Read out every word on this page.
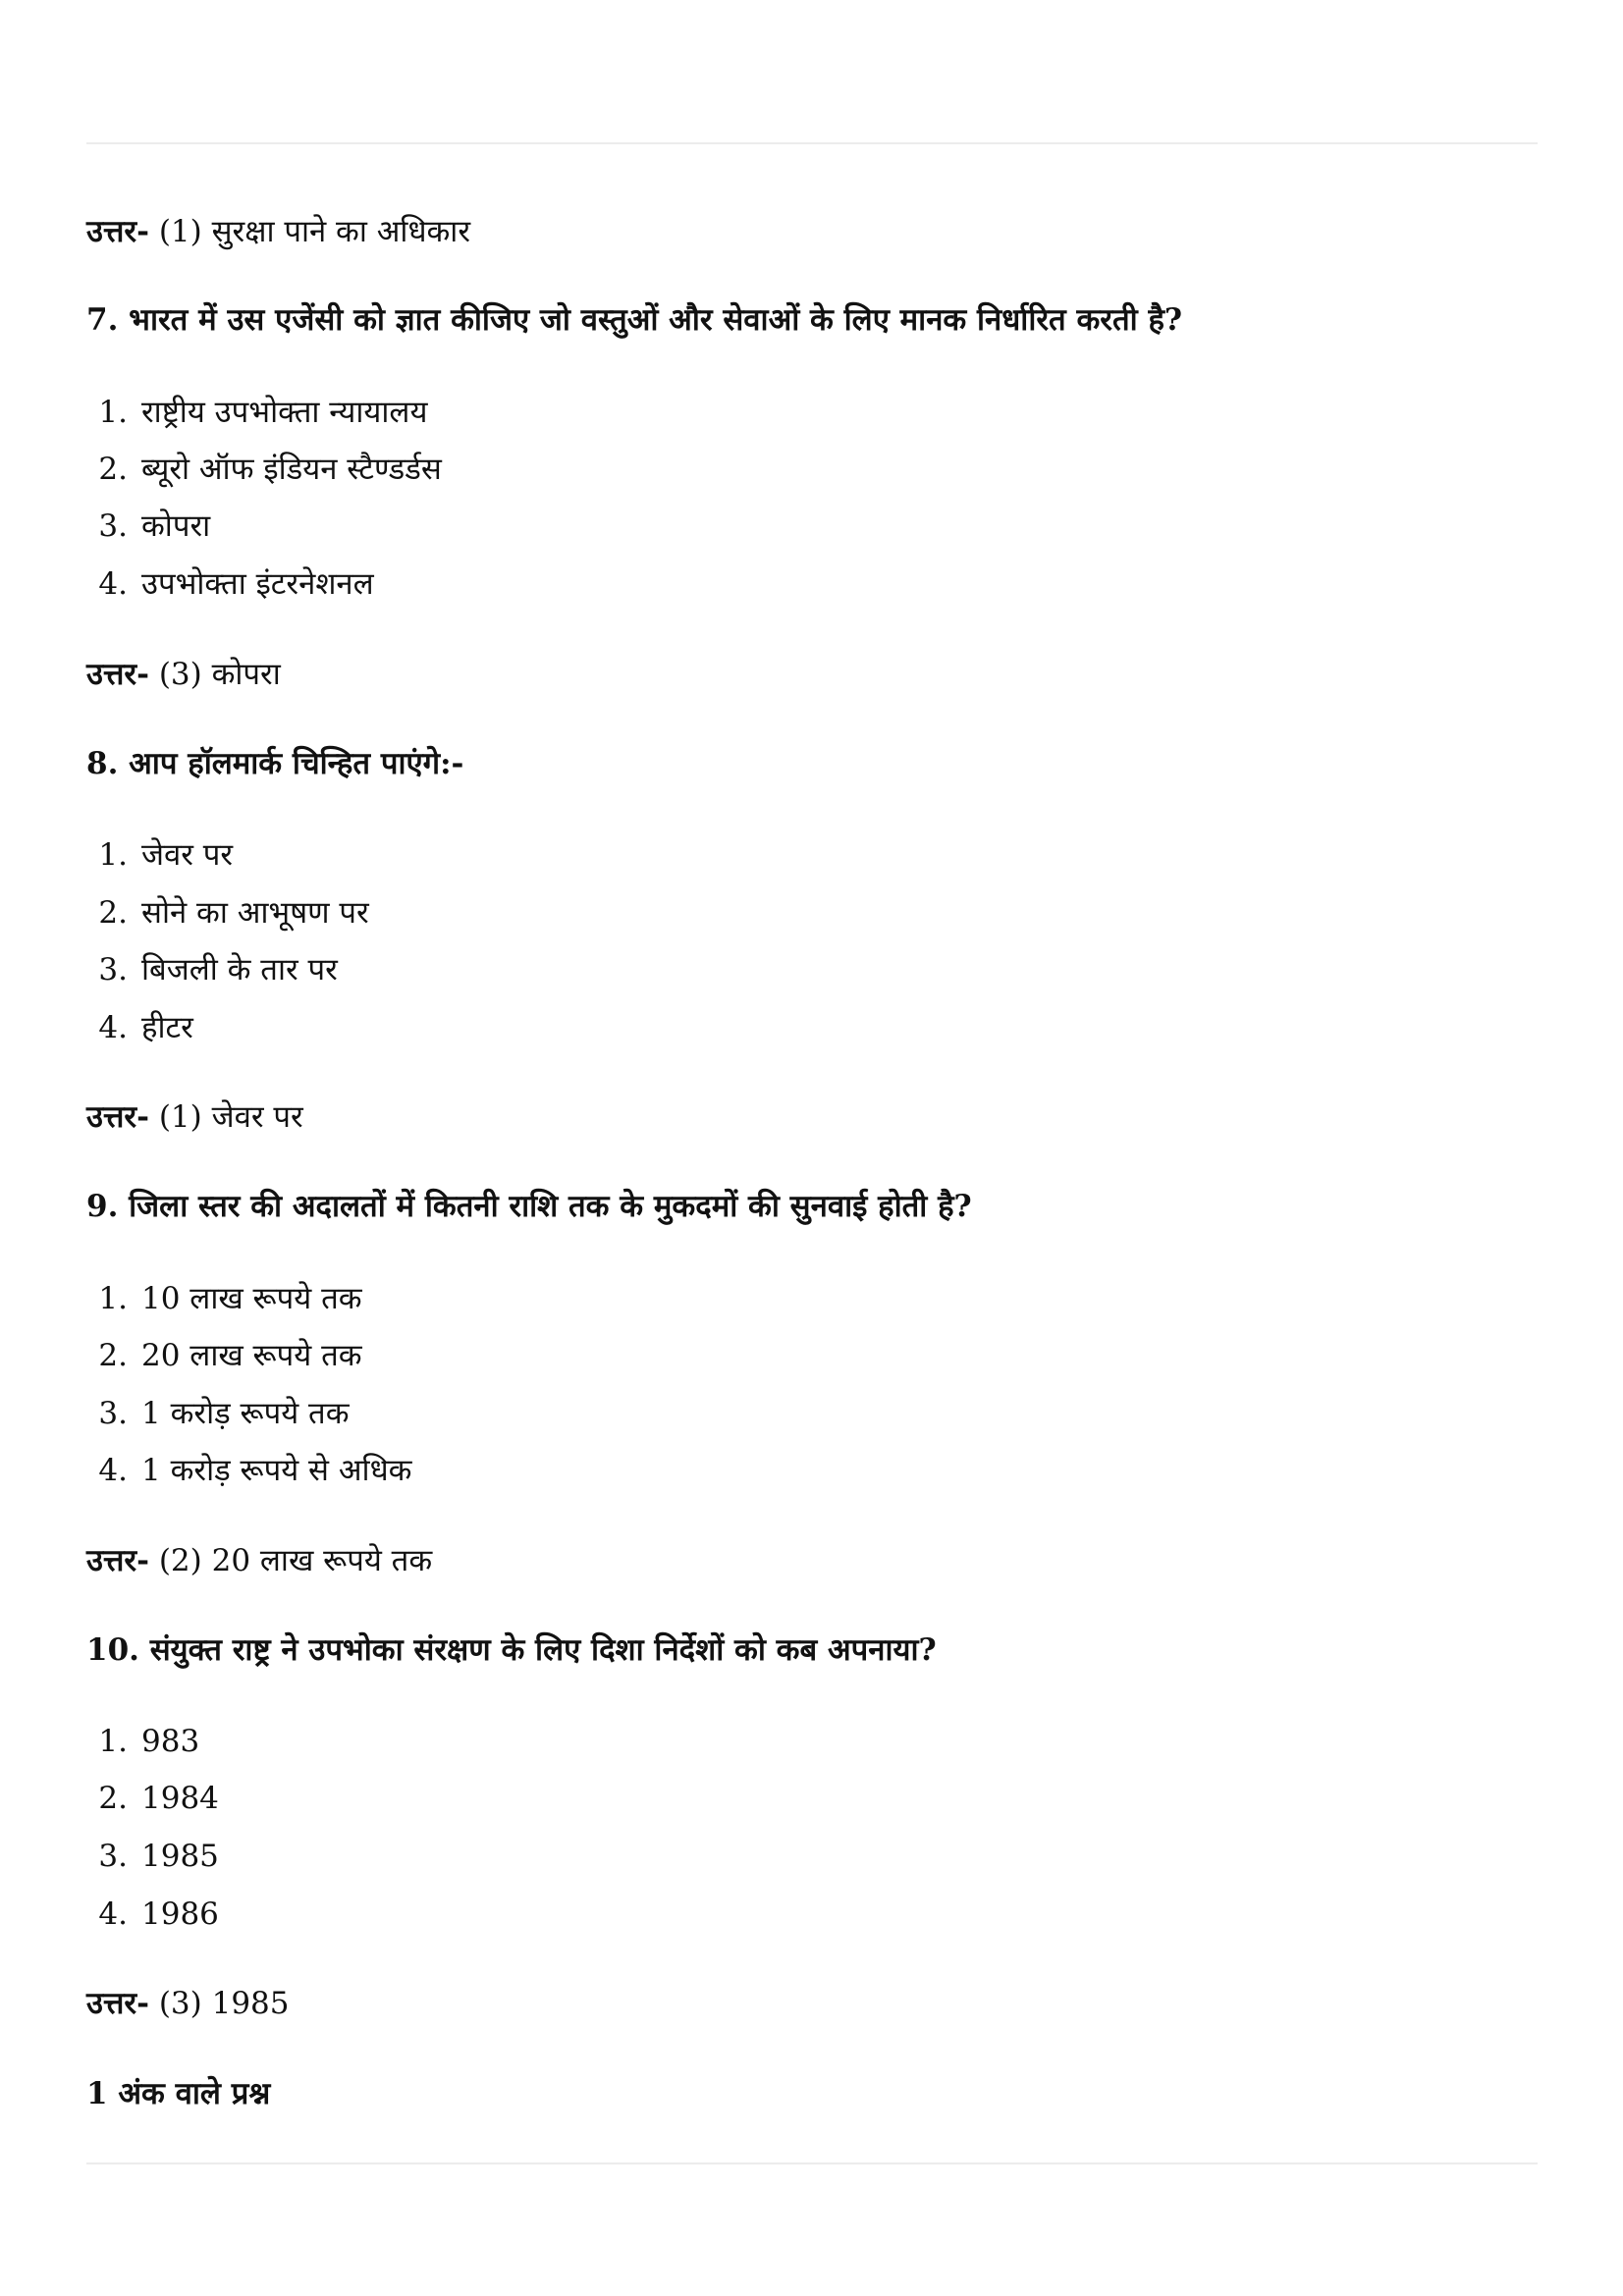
उत्तर- (1) सुरक्षा पाने का अधिकार
7. भारत में उस एजेंसी को ज्ञात कीजिए जो वस्तुओं और सेवाओं के लिए मानक निर्धारित करती है?
1. राष्ट्रीय उपभोक्ता न्यायालय
2. ब्यूरो ऑफ इंडियन स्टैण्डर्डस
3. कोपरा
4. उपभोक्ता इंटरनेशनल
उत्तर- (3) कोपरा
8. आप हॉलमार्क चिन्हित पाएंगे:-
1. जेवर पर
2. सोने का आभूषण पर
3. बिजली के तार पर
4. हीटर
उत्तर- (1) जेवर पर
9. जिला स्तर की अदालतों में कितनी राशि तक के मुकदमों की सुनवाई होती है?
1. 10 लाख रूपये तक
2. 20 लाख रूपये तक
3. 1 करोड़ रूपये तक
4. 1 करोड़ रूपये से अधिक
उत्तर- (2) 20 लाख रूपये तक
10. संयुक्त राष्ट्र ने उपभोका संरक्षण के लिए दिशा निर्देशों को कब अपनाया?
1. 983
2. 1984
3. 1985
4. 1986
उत्तर- (3) 1985
1 अंक वाले प्रश्न
